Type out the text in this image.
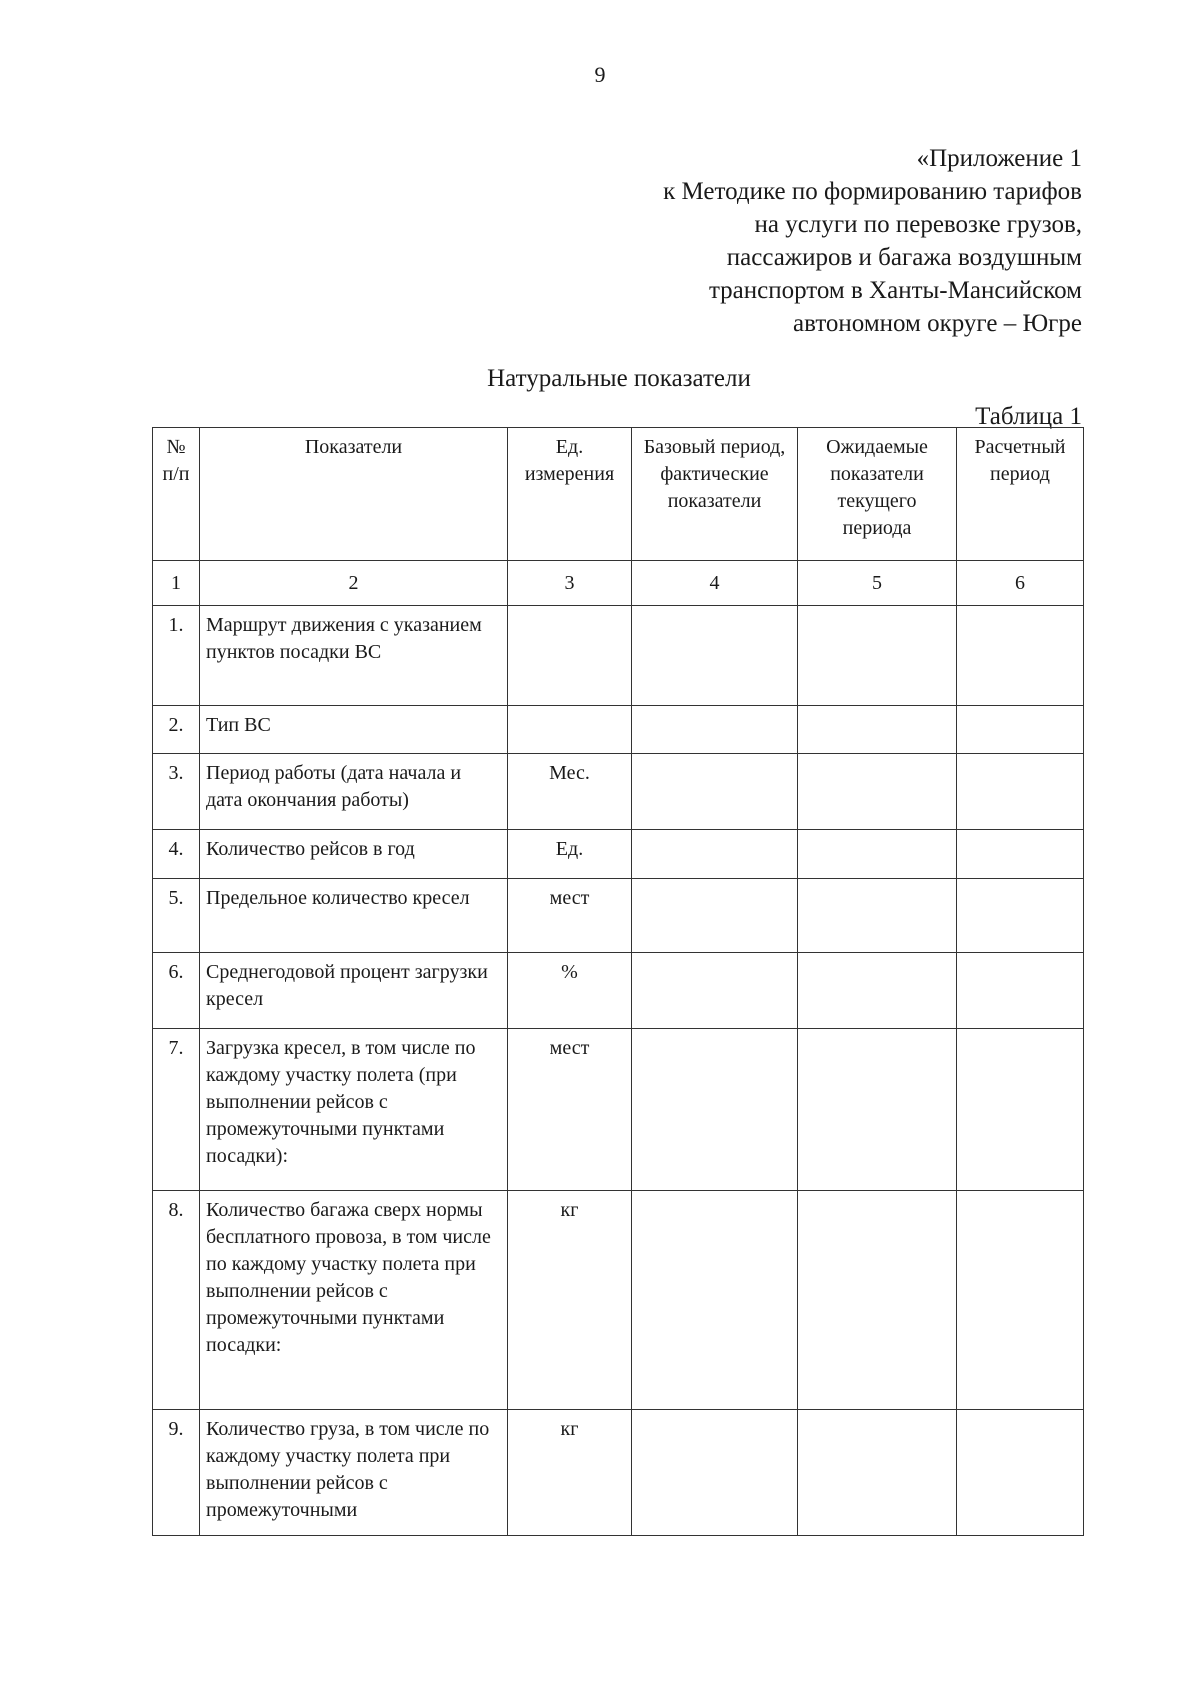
9
«Приложение 1
к Методике по формированию тарифов
на услуги по перевозке грузов,
пассажиров и багажа воздушным
транспортом в Ханты-Мансийском
автономном округе – Югре
Натуральные показатели
Таблица 1
№ п/п	Показатели	Ед. измерения	Базовый период, фактические показатели	Ожидаемые показатели текущего периода	Расчетный период
1	2	3	4	5	6
1.	Маршрут движения с указанием пунктов посадки ВС				
2.	Тип ВС				
3.	Период работы (дата начала и дата окончания работы)	Мес.			
4.	Количество рейсов в год	Ед.			
5.	Предельное количество кресел	мест			
6.	Среднегодовой процент загрузки кресел	%			
7.	Загрузка кресел, в том числе по каждому участку полета (при выполнении рейсов с промежуточными пунктами посадки):	мест			
8.	Количество багажа сверх нормы бесплатного провоза, в том числе по каждому участку полета при выполнении рейсов с промежуточными пунктами посадки:	кг			
9.	Количество груза, в том числе по каждому участку полета при выполнении рейсов с промежуточными	кг			
